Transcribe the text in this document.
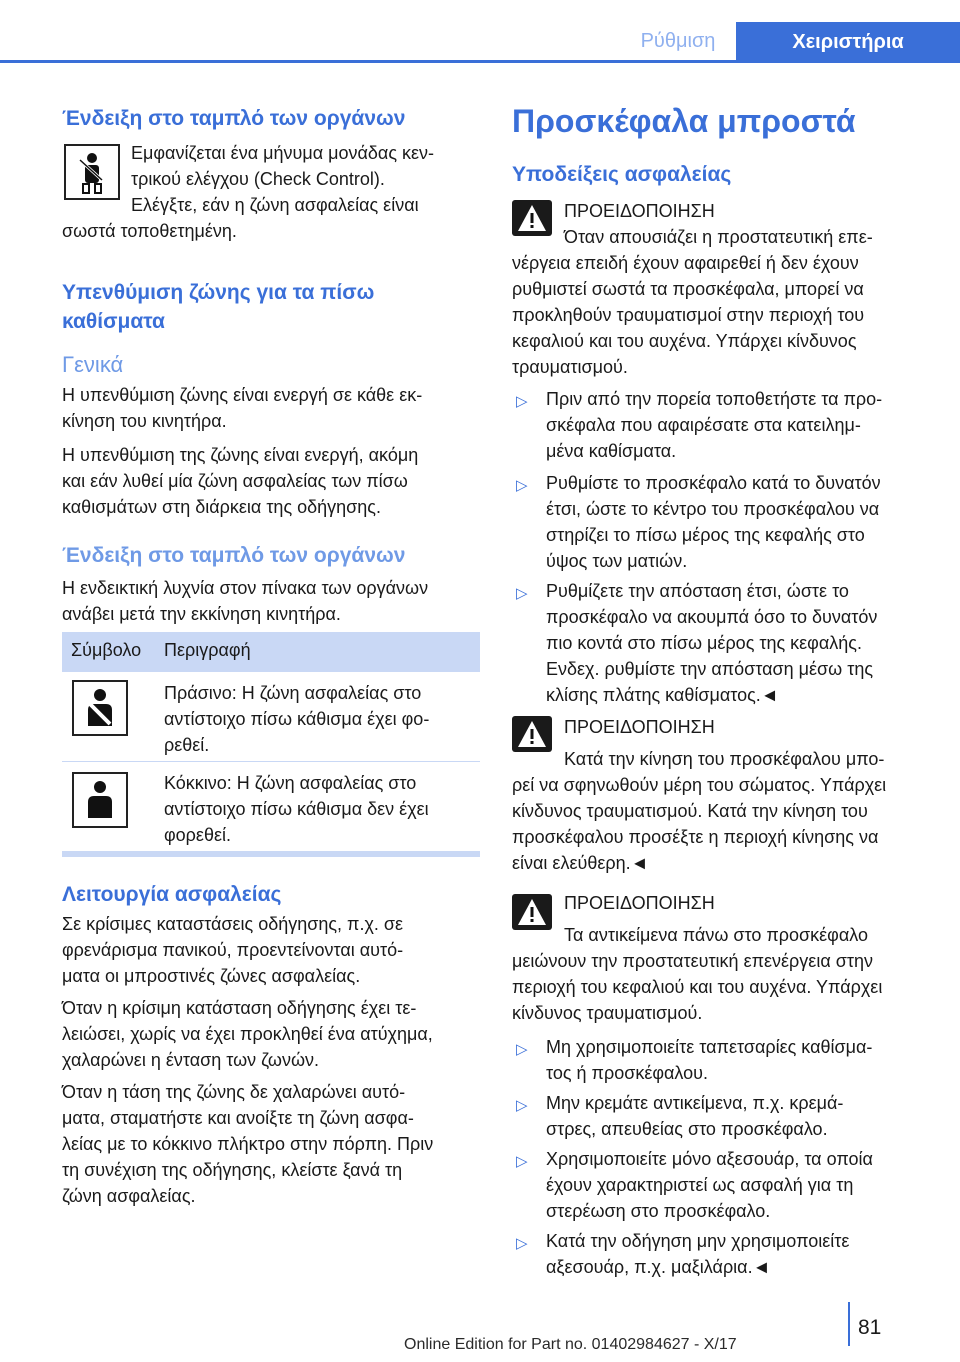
Ρύθμιση	Χειριστήρια
Ένδειξη στο ταμπλό των οργάνων

Εμφανίζεται ένα μήνυμα μονάδας κεν‐

τρικού ελέγχου (Check Control).

Ελέγξτε, εάν η ζώνη ασφαλείας είναι

σωστά τοποθετημένη.

Υπενθύμιση ζώνης για τα πίσω
καθίσματα
Γενικά

Η υπενθύμιση ζώνης είναι ενεργή σε κάθε εκ‐

κίνηση του κινητήρα.

Η υπενθύμιση της ζώνης είναι ενεργή, ακόμη

και εάν λυθεί μία ζώνη ασφαλείας των πίσω

καθισμάτων στη διάρκεια της οδήγησης.

Ένδειξη στο ταμπλό των οργάνων

Η ενδεικτική λυχνία στον πίνακα των οργάνων

ανάβει μετά την εκκίνηση κινητήρα.

Σύμβολο Περιγραφή

Πράσινο: Η ζώνη ασφαλείας στο

αντίστοιχο πίσω κάθισμα έχει φο‐

ρεθεί.

Κόκκινο: Η ζώνη ασφαλείας στο

αντίστοιχο πίσω κάθισμα δεν έχει

φορεθεί.

Λειτουργία ασφαλείας

Σε κρίσιμες καταστάσεις οδήγησης, π.χ. σε

φρενάρισμα πανικού, προεντείνονται αυτό‐

ματα οι μπροστινές ζώνες ασφαλείας.

Όταν η κρίσιμη κατάσταση οδήγησης έχει τε‐

λειώσει, χωρίς να έχει προκληθεί ένα ατύχημα,

χαλαρώνει η ένταση των ζωνών.

Όταν η τάση της ζώνης δε χαλαρώνει αυτό‐

ματα, σταματήστε και ανοίξτε τη ζώνη ασφα‐

λείας με το κόκκινο πλήκτρο στην πόρπη. Πριν

τη συνέχιση της οδήγησης, κλείστε ξανά τη

ζώνη ασφαλείας.

Προσκέφαλα μπροστά
Υποδείξεις ασφαλείας
ΠΡΟΕΙΔΟΠΟΙΗΣΗ

Όταν απουσιάζει η προστατευτική επε‐

νέργεια επειδή έχουν αφαιρεθεί ή δεν έχουν

ρυθμιστεί σωστά τα προσκέφαλα, μπορεί να

προκληθούν τραυματισμοί στην περιοχή του

κεφαλιού και του αυχένα. Υπάρχει κίνδυνος

τραυματισμού.

▷ Πριν από την πορεία τοποθετήστε τα προ‐

σκέφαλα που αφαιρέσατε στα κατειλημ‐

μένα καθίσματα.

▷ Ρυθμίστε το προσκέφαλο κατά το δυνατόν

έτσι, ώστε το κέντρο του προσκέφαλου να

στηρίζει το πίσω μέρος της κεφαλής στο

ύψος των ματιών.

▷ Ρυθμίζετε την απόσταση έτσι, ώστε το

προσκέφαλο να ακουμπά όσο το δυνατόν

πιο κοντά στο πίσω μέρος της κεφαλής.

Ενδεχ. ρυθμίστε την απόσταση μέσω της

κλίσης πλάτης καθίσματος.◄

ΠΡΟΕΙΔΟΠΟΙΗΣΗ

Κατά την κίνηση του προσκέφαλου μπο‐

ρεί να σφηνωθούν μέρη του σώματος. Υπάρχει

κίνδυνος τραυματισμού. Κατά την κίνηση του

προσκέφαλου προσέξτε η περιοχή κίνησης να

είναι ελεύθερη.◄

ΠΡΟΕΙΔΟΠΟΙΗΣΗ

Τα αντικείμενα πάνω στο προσκέφαλο

μειώνουν την προστατευτική επενέργεια στην

περιοχή του κεφαλιού και του αυχένα. Υπάρχει

κίνδυνος τραυματισμού.

▷ Μη χρησιμοποιείτε ταπετσαρίες καθίσμα‐

τος ή προσκέφαλου.

▷ Μην κρεμάτε αντικείμενα, π.χ. κρεμά‐

στρες, απευθείας στο προσκέφαλο.

▷ Χρησιμοποιείτε μόνο αξεσουάρ, τα οποία

έχουν χαρακτηριστεί ως ασφαλή για τη

στερέωση στο προσκέφαλο.

▷ Κατά την οδήγηση μην χρησιμοποιείτε

αξεσουάρ, π.χ. μαξιλάρια.◄

81
Online Edition for Part no. 01402984627 - X/17
